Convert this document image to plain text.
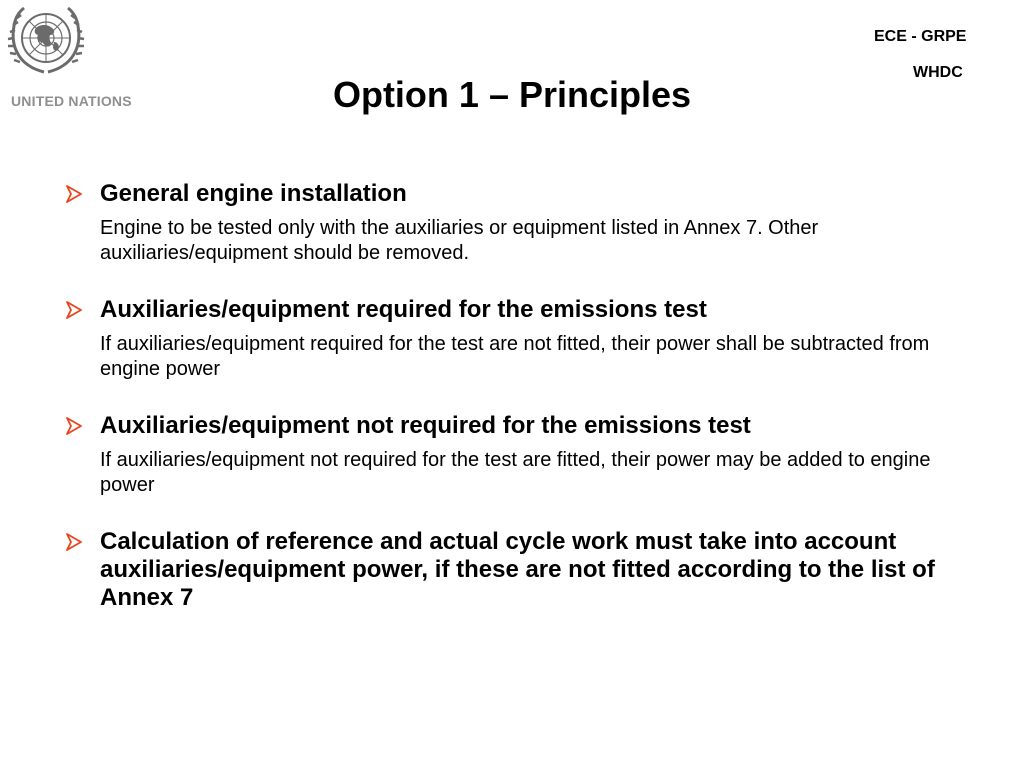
UNITED NATIONS
ECE - GRPE
WHDC
Option 1 – Principles
General engine installation
Engine to be tested only with the auxiliaries or equipment listed in Annex 7. Other auxiliaries/equipment should be removed.
Auxiliaries/equipment required for the emissions test
If auxiliaries/equipment required for the test are not fitted, their power shall be subtracted from engine power
Auxiliaries/equipment not required for the emissions test
If auxiliaries/equipment not required for the test are fitted, their power may be added to engine power
Calculation of reference and actual cycle work must take into account auxiliaries/equipment power, if these are not fitted according to the list of Annex 7
